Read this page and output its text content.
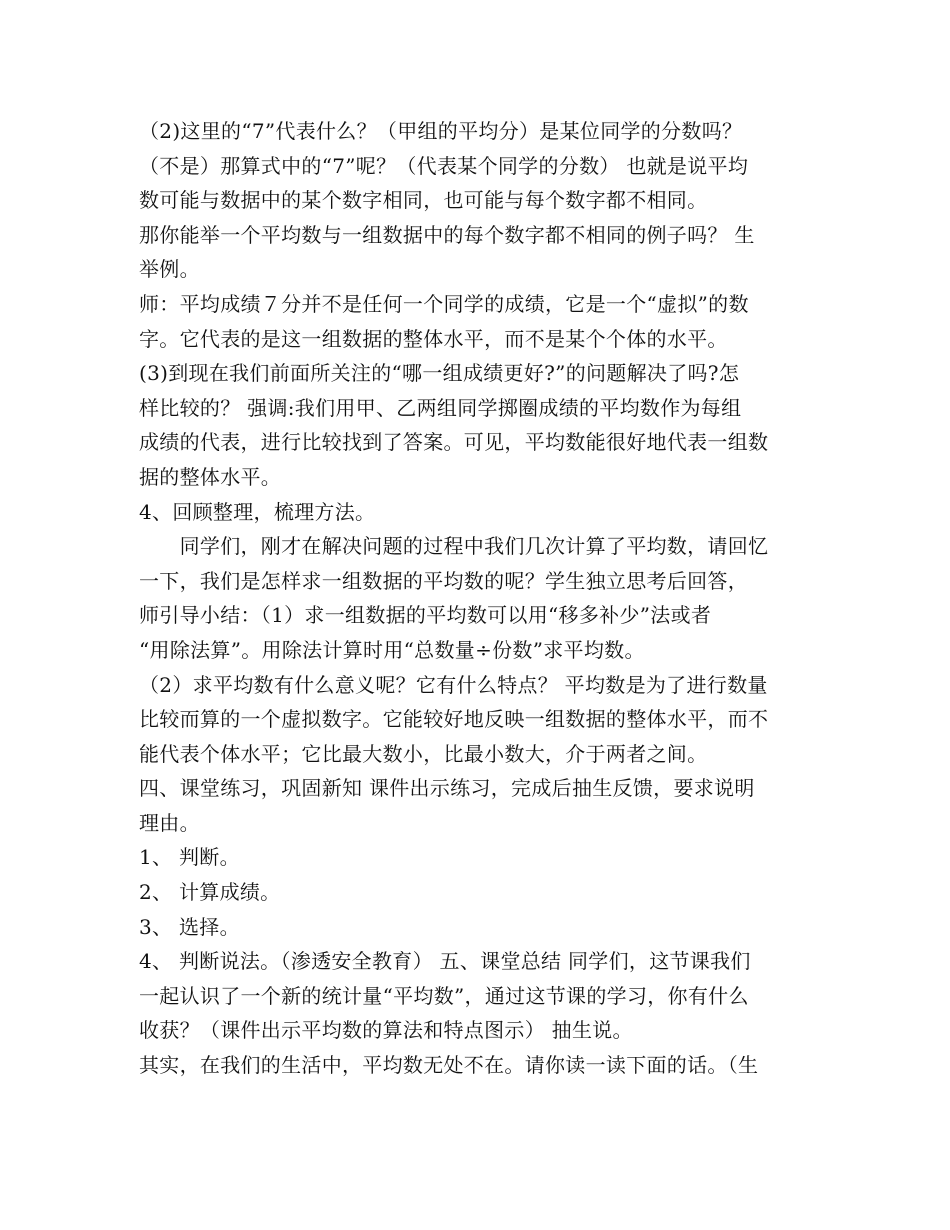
（2)这里的“7”代表什么？（甲组的平均分）是某位同学的分数吗？
（不是）那算式中的“7”呢？（代表某个同学的分数） 也就是说平均
数可能与数据中的某个数字相同，也可能与每个数字都不相同。
那你能举一个平均数与一组数据中的每个数字都不相同的例子吗？ 生
举例。
师：平均成绩７分并不是任何一个同学的成绩，它是一个“虚拟”的数
字。它代表的是这一组数据的整体水平，而不是某个个体的水平。
(3)到现在我们前面所关注的“哪一组成绩更好?”的问题解决了吗?怎
样比较的？ 强调:我们用甲、乙两组同学掷圈成绩的平均数作为每组
成绩的代表，进行比较找到了答案。可见，平均数能很好地代表一组数
据的整体水平。
4、回顾整理，梳理方法。
　　同学们，刚才在解决问题的过程中我们几次计算了平均数，请回忆
一下，我们是怎样求一组数据的平均数的呢？学生独立思考后回答，
师引导小结：（1）求一组数据的平均数可以用“移多补少”法或者
“用除法算”。用除法计算时用“总数量÷份数”求平均数。
（2）求平均数有什么意义呢？它有什么特点？ 平均数是为了进行数量
比较而算的一个虚拟数字。它能较好地反映一组数据的整体水平，而不
能代表个体水平；它比最大数小，比最小数大，介于两者之间。
四、课堂练习，巩固新知 课件出示练习，完成后抽生反馈，要求说明
理由。
1、 判断。
2、 计算成绩。
3、 选择。
4、 判断说法。（渗透安全教育） 五、课堂总结 同学们，这节课我们
一起认识了一个新的统计量“平均数”，通过这节课的学习，你有什么
收获？（课件出示平均数的算法和特点图示） 抽生说。
其实，在我们的生活中，平均数无处不在。请你读一读下面的话。（生
